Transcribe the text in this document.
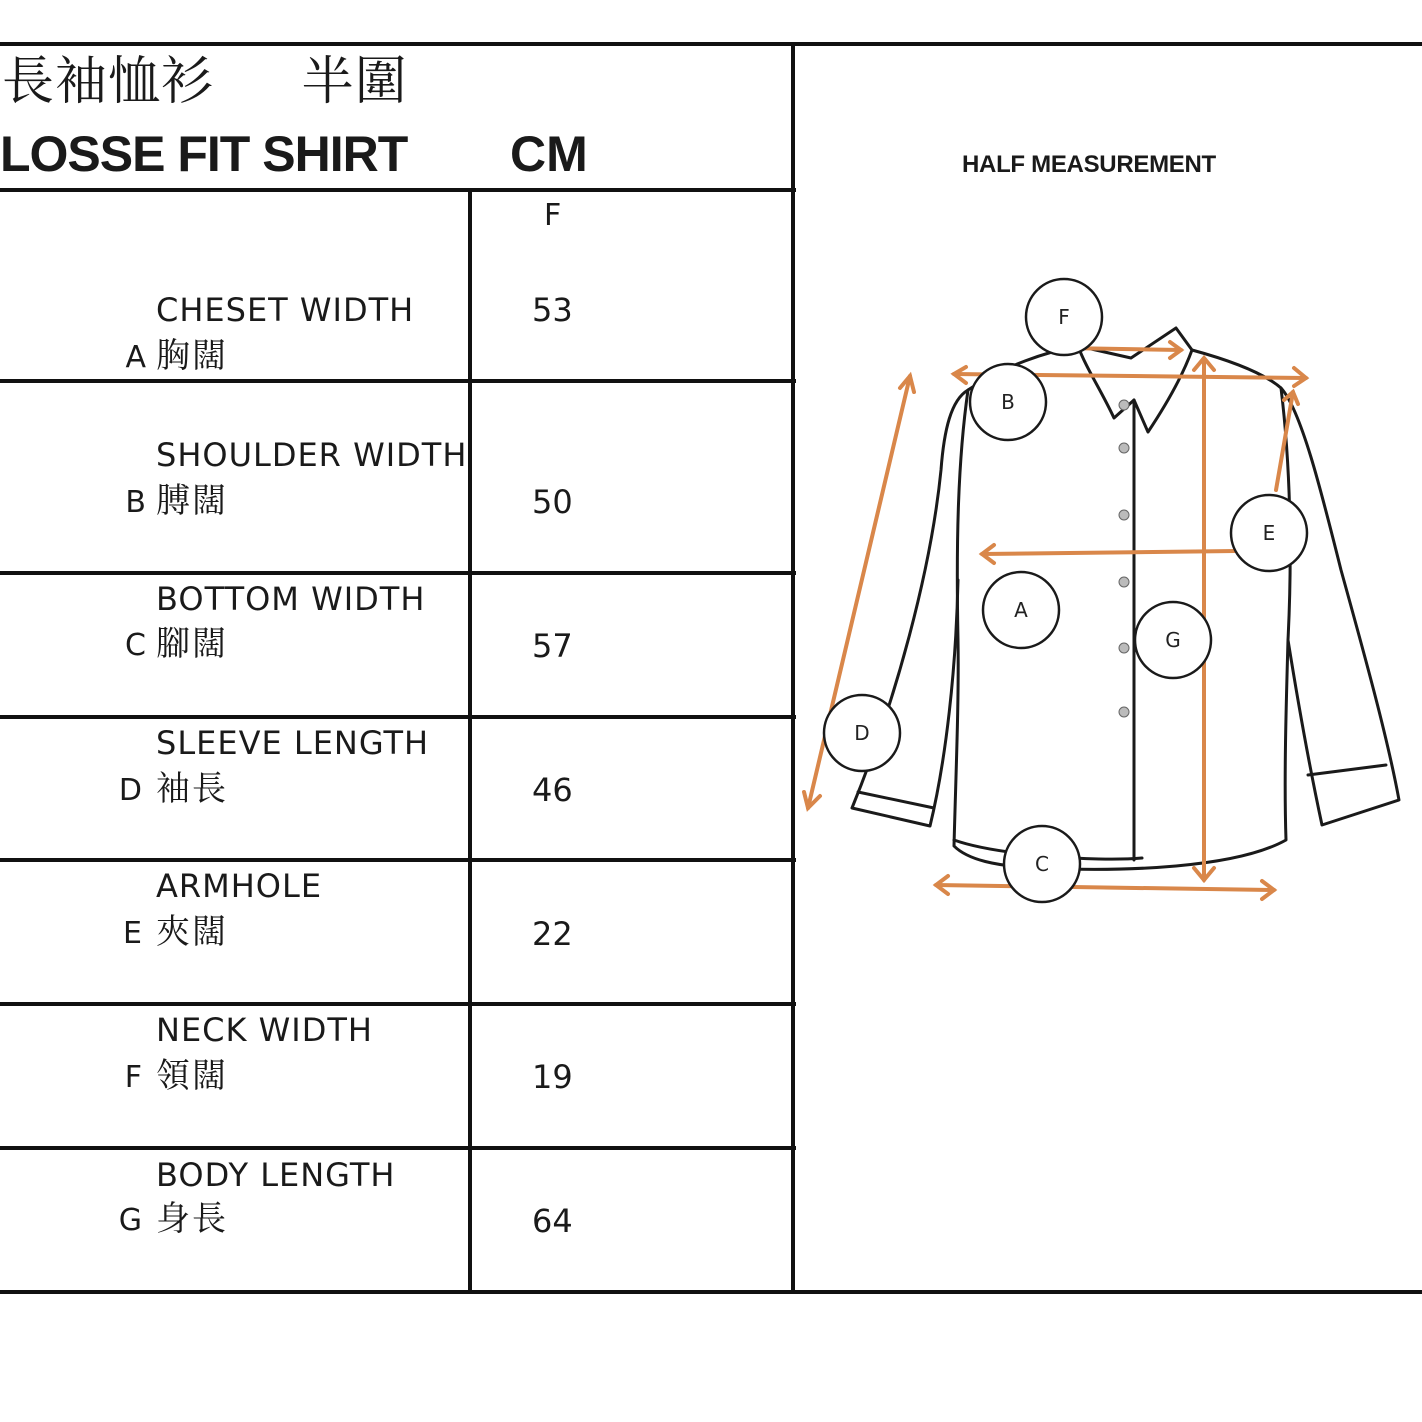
長袖恤衫     半圍
LOSSE FIT SHIRT CM
F
CHESET WIDTH
A 胸闊
53
SHOULDER WIDTH
B 膊闊	50
BOTTOM WIDTH
C 腳闊	57
SLEEVE LENGTH
D 袖長	46
ARMHOLE
E 夾闊	22
NECK WIDTH
F 領闊	19
BODY LENGTH
G 身長	64
HALF MEASUREMENT
F
B
E
A
G
D
C
